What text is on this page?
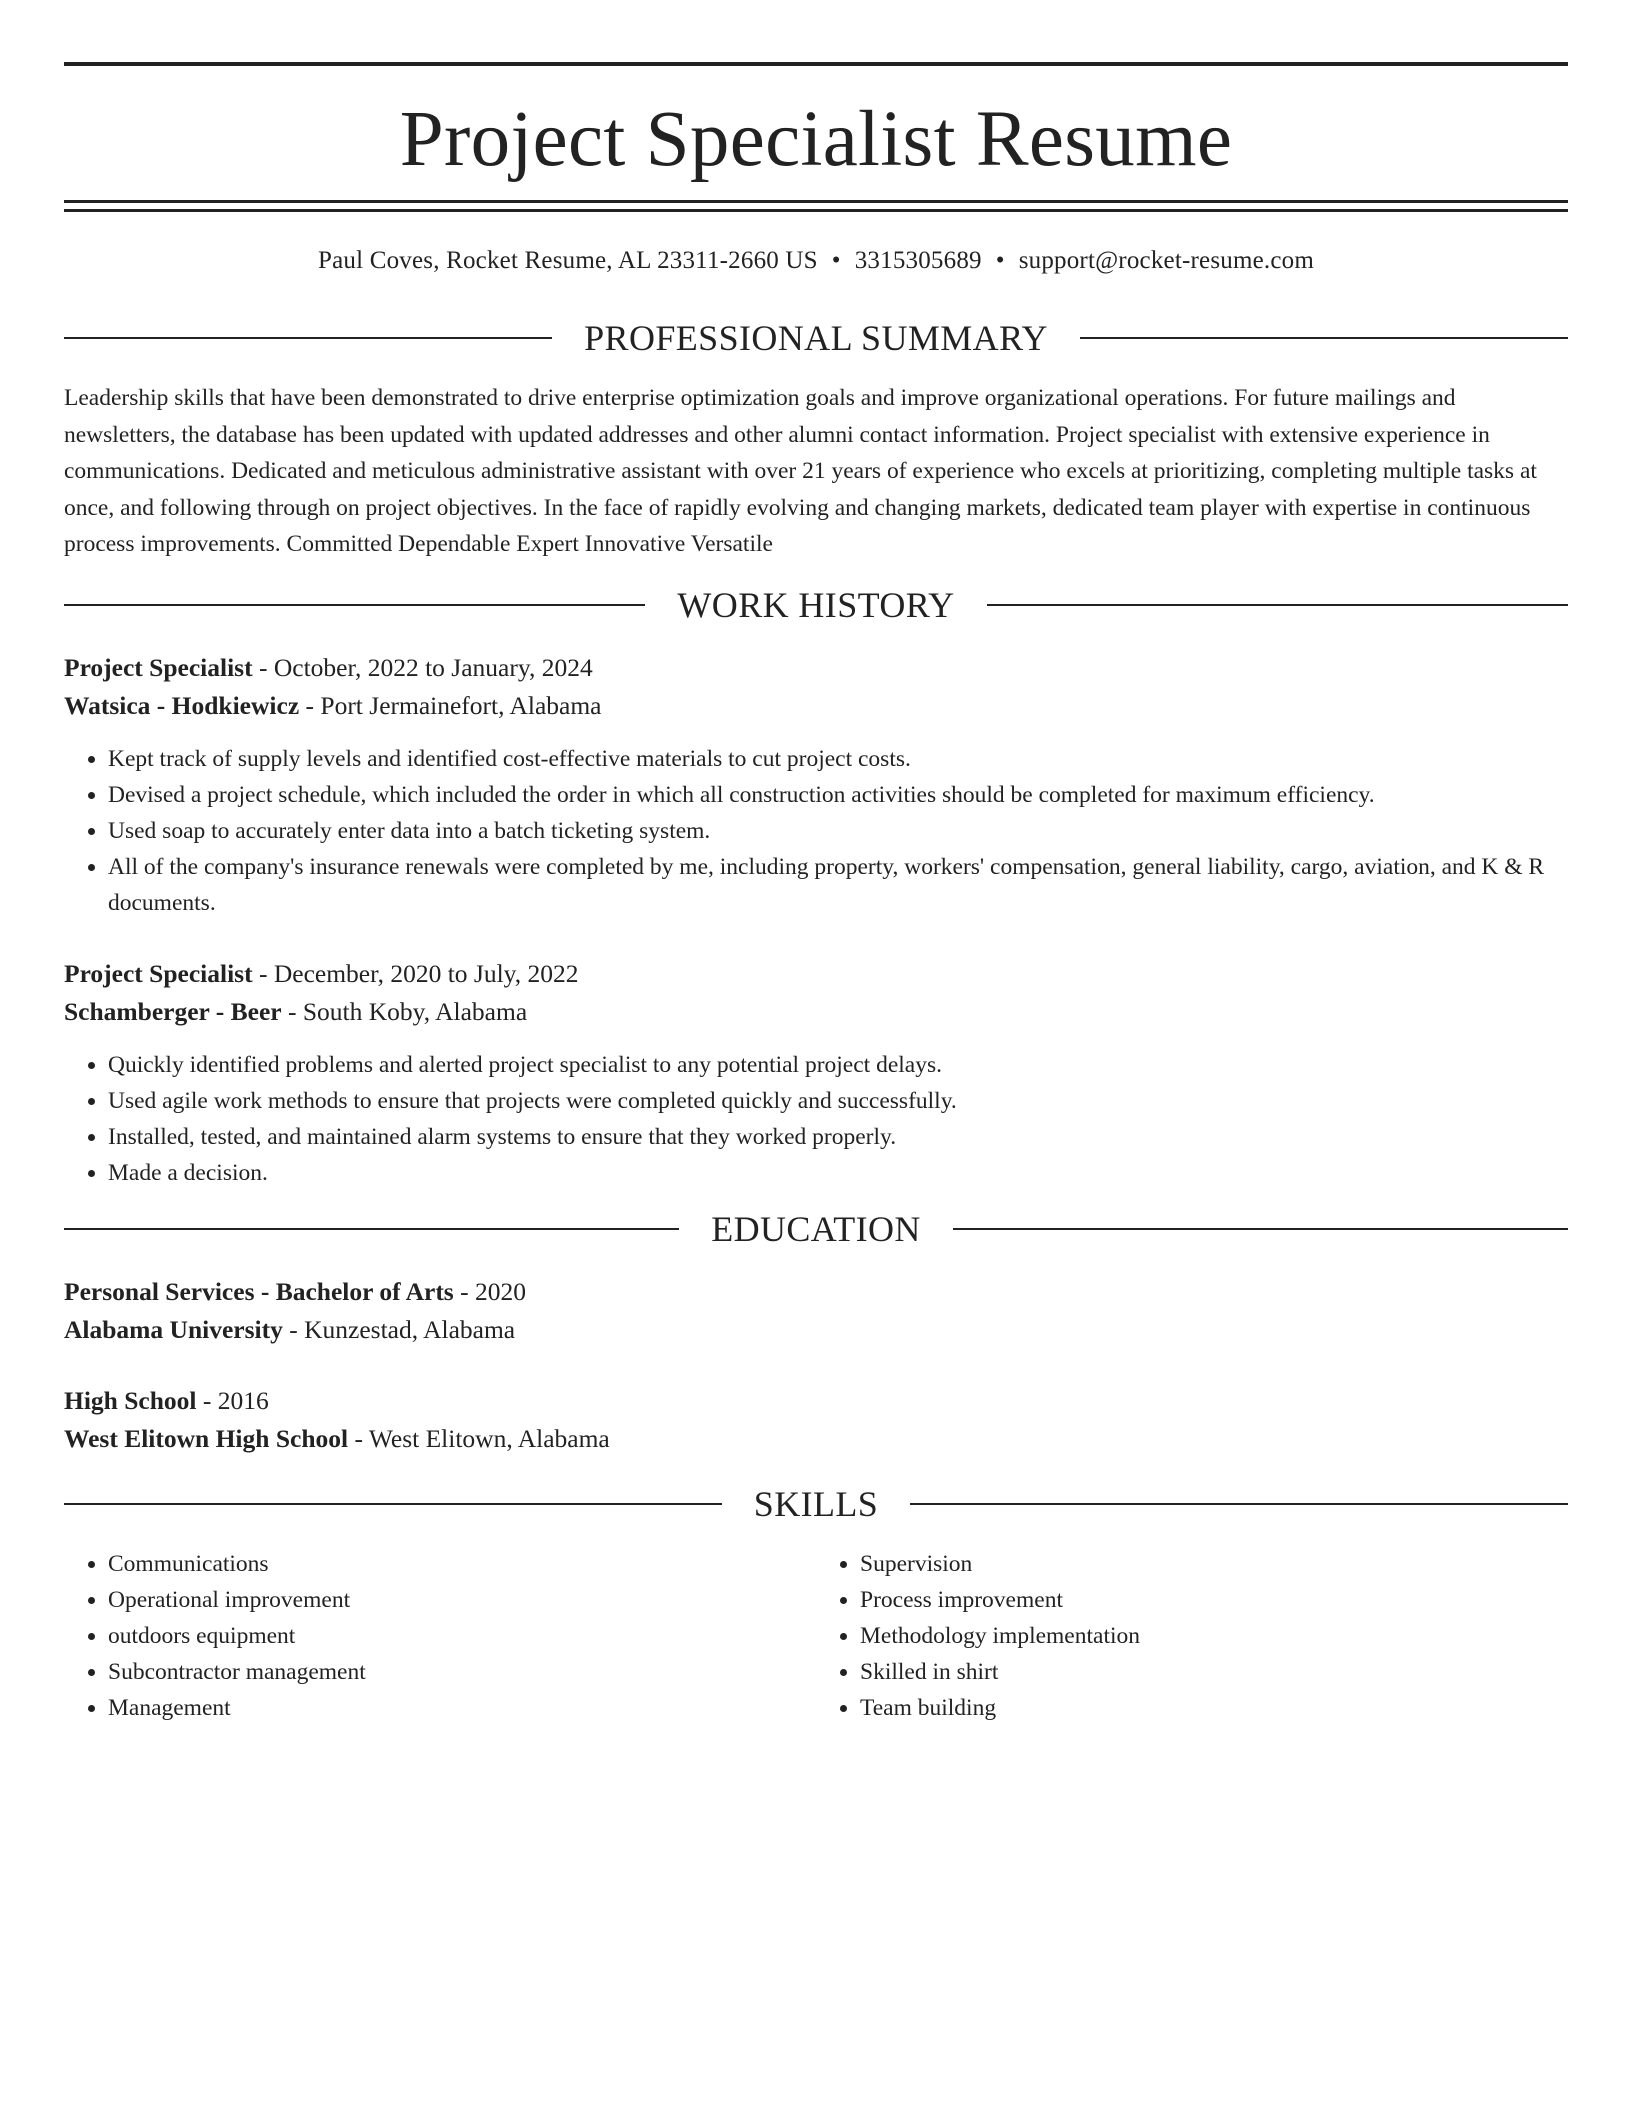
Project Specialist Resume
Paul Coves, Rocket Resume, AL 23311-2660 US • 3315305689 • support@rocket-resume.com
PROFESSIONAL SUMMARY
Leadership skills that have been demonstrated to drive enterprise optimization goals and improve organizational operations. For future mailings and newsletters, the database has been updated with updated addresses and other alumni contact information. Project specialist with extensive experience in communications. Dedicated and meticulous administrative assistant with over 21 years of experience who excels at prioritizing, completing multiple tasks at once, and following through on project objectives. In the face of rapidly evolving and changing markets, dedicated team player with expertise in continuous process improvements. Committed Dependable Expert Innovative Versatile
WORK HISTORY
Project Specialist - October, 2022 to January, 2024
Watsica - Hodkiewicz - Port Jermainefort, Alabama
• Kept track of supply levels and identified cost-effective materials to cut project costs.
• Devised a project schedule, which included the order in which all construction activities should be completed for maximum efficiency.
• Used soap to accurately enter data into a batch ticketing system.
• All of the company's insurance renewals were completed by me, including property, workers' compensation, general liability, cargo, aviation, and K & R documents.
Project Specialist - December, 2020 to July, 2022
Schamberger - Beer - South Koby, Alabama
• Quickly identified problems and alerted project specialist to any potential project delays.
• Used agile work methods to ensure that projects were completed quickly and successfully.
• Installed, tested, and maintained alarm systems to ensure that they worked properly.
• Made a decision.
EDUCATION
Personal Services - Bachelor of Arts - 2020
Alabama University - Kunzestad, Alabama
High School - 2016
West Elitown High School - West Elitown, Alabama
SKILLS
• Communications
• Operational improvement
• outdoors equipment
• Subcontractor management
• Management
• Supervision
• Process improvement
• Methodology implementation
• Skilled in shirt
• Team building
